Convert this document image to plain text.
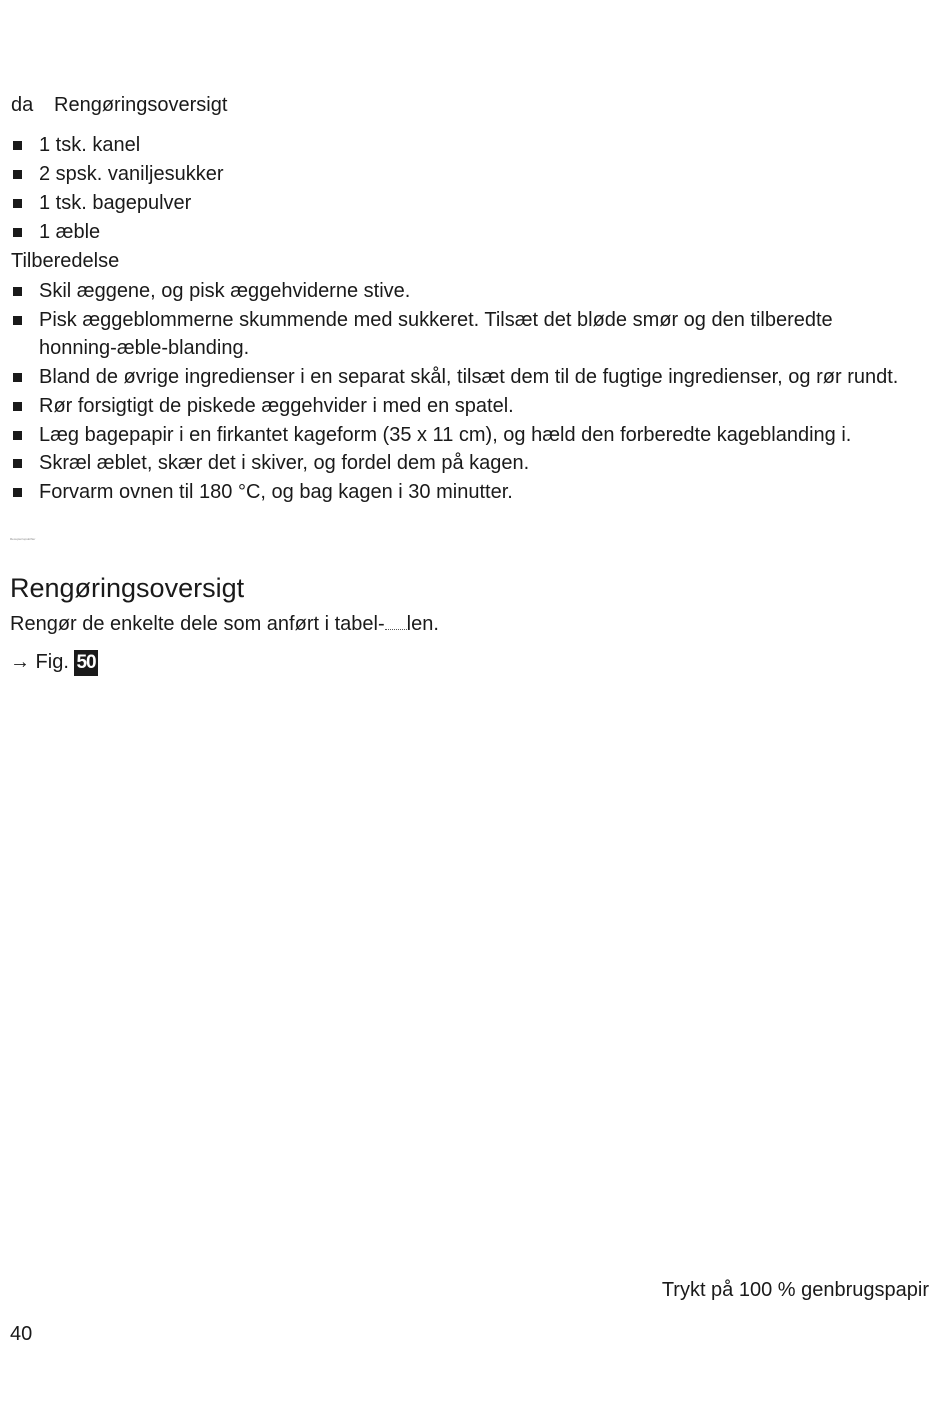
da Rengøringsoversigt
1 tsk. kanel
2 spsk. vaniljesukker
1 tsk. bagepulver
1 æble
Tilberedelse
Skil æggene, og pisk æggehviderne stive.
Pisk æggeblommerne skummende med sukkeret. Tilsæt det bløde smør og den tilberedte honning-æble-blanding.
Bland de øvrige ingredienser i en separat skål, tilsæt dem til de fugtige ingredienser, og rør rundt.
Rør forsigtigt de piskede æggehvider i med en spatel.
Læg bagepapir i en firkantet kageform (35 x 11 cm), og hæld den forberedte kageblanding i.
Skræl æblet, skær det i skiver, og fordel dem på kagen.
Forvarm ovnen til 180 °C, og bag kagen i 30 minutter.
Recepter/opskrifter
Rengøringsoversigt
Rengør de enkelte dele som anført i tabel- len.
→ Fig. 50
Trykt på 100 % genbrugspapir
40
